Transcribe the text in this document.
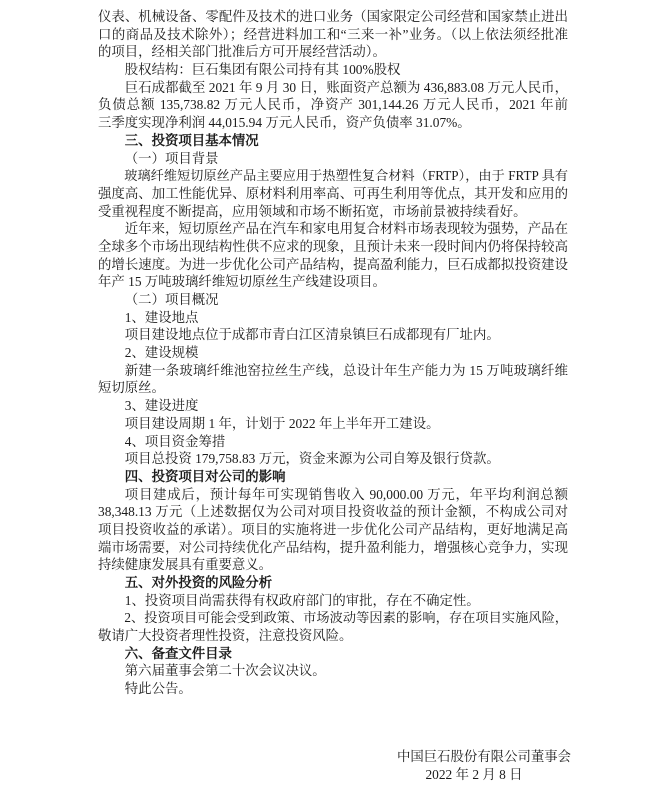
仪表、机械设备、零配件及技术的进口业务（国家限定公司经营和国家禁止进出
口的商品及技术除外）；经营进料加工和“三来一补”业务。（以上依法须经批准
的项目，经相关部门批准后方可开展经营活动）。
股权结构：巨石集团有限公司持有其 100%股权
巨石成都截至 2021 年 9 月 30 日，账面资产总额为 436,883.08 万元人民币，
负债总额 135,738.82 万元人民币，净资产 301,144.26 万元人民币，2021 年前
三季度实现净利润 44,015.94 万元人民币，资产负债率 31.07%。
三、投资项目基本情况
（一）项目背景
玻璃纤维短切原丝产品主要应用于热塑性复合材料（FRTP），由于 FRTP 具有
强度高、加工性能优异、原材料利用率高、可再生利用等优点，其开发和应用的
受重视程度不断提高，应用领域和市场不断拓宽，市场前景被持续看好。
近年来，短切原丝产品在汽车和家电用复合材料市场表现较为强势，产品在
全球多个市场出现结构性供不应求的现象，且预计未来一段时间内仍将保持较高
的增长速度。为进一步优化公司产品结构，提高盈利能力，巨石成都拟投资建设
年产 15 万吨玻璃纤维短切原丝生产线建设项目。
（二）项目概况
1、建设地点
项目建设地点位于成都市青白江区清泉镇巨石成都现有厂址内。
2、建设规模
新建一条玻璃纤维池窑拉丝生产线，总设计年生产能力为 15 万吨玻璃纤维
短切原丝。
3、建设进度
项目建设周期 1 年，计划于 2022 年上半年开工建设。
4、项目资金筹措
项目总投资 179,758.83 万元，资金来源为公司自筹及银行贷款。
四、投资项目对公司的影响
项目建成后，预计每年可实现销售收入 90,000.00 万元，年平均利润总额
38,348.13 万元（上述数据仅为公司对项目投资收益的预计金额，不构成公司对
项目投资收益的承诺）。项目的实施将进一步优化公司产品结构，更好地满足高
端市场需要，对公司持续优化产品结构，提升盈利能力，增强核心竞争力，实现
持续健康发展具有重要意义。
五、对外投资的风险分析
1、投资项目尚需获得有权政府部门的审批，存在不确定性。
2、投资项目可能会受到政策、市场波动等因素的影响，存在项目实施风险，
敬请广大投资者理性投资，注意投资风险。
六、备查文件目录
第六届董事会第二十次会议决议。
特此公告。
中国巨石股份有限公司董事会
2022 年 2 月 8 日
